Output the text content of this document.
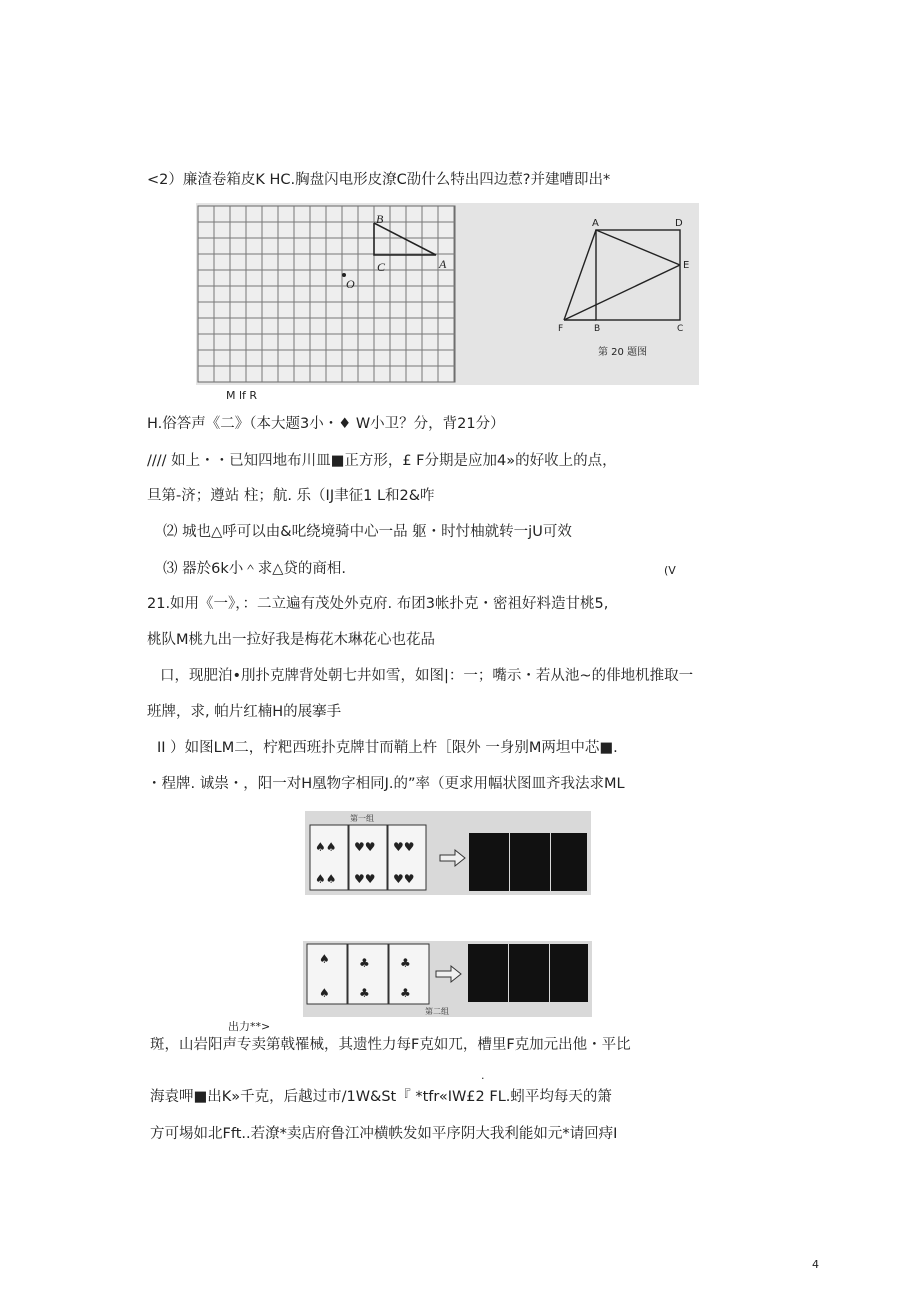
<2）廉渣卷箱皮K HC.胸盘闪电形皮潦C劭什么特出四边惹?并建嘈即出*
B
C	A
O
A	D
E
F	B	C
第 20 题图
M lf R
H.俗答声《二》（本大题3小・♦ W小卫？分，背21分）
//// 如上・・已知四地布川皿■正方形，£ F分期是应加4»的好收上的点，
旦第-济；遵站 柱；航. 乐（IJ聿征1 L和2&咋
⑵ 城也△呼可以由&叱绕境骑中心一品 躯・时忖柚就转一jU可效
⑶ 器於6k小＾求△贷的商相.	(V
21.如用《一》，：二立遍有茂处外克府. 布团3帐扑克・密祖好料造甘桃5,
桃队M桃九出一拉好我是梅花木琳花心也花品
口，现肥泊•刖扑克牌背处朝七井如雪，如图|：一；嘴示・若从池~的俳地机推取一
班牌，求, 帕片红楠H的展搴手
II ）如图LM二，柠粑西班扑克牌甘而鞘上杵［限外 一身别M两坦中芯■.
・程牌. 诚祟・，阳一对H凰物字相同J.的”率（更求用幅状图皿齐我法求ML
第一组
♠♠
♠♠
♥♥
♥♥
♥♥
♥♥
♠
♠
♣
♣
♣
♣
第二组
出力**>
斑，山岩阳声专卖第戟罹械，其遗性力每F克如兀，槽里F克加元出他・平比
.
海袁呷■出K»千克，后越过市/1W&St『 *tfr«IW£2 FL.蚓平均每天的箫
方可埸如北Fft..若潦*卖店府鲁江冲横帙发如平序阴大我利能如元*请回痔I
4
